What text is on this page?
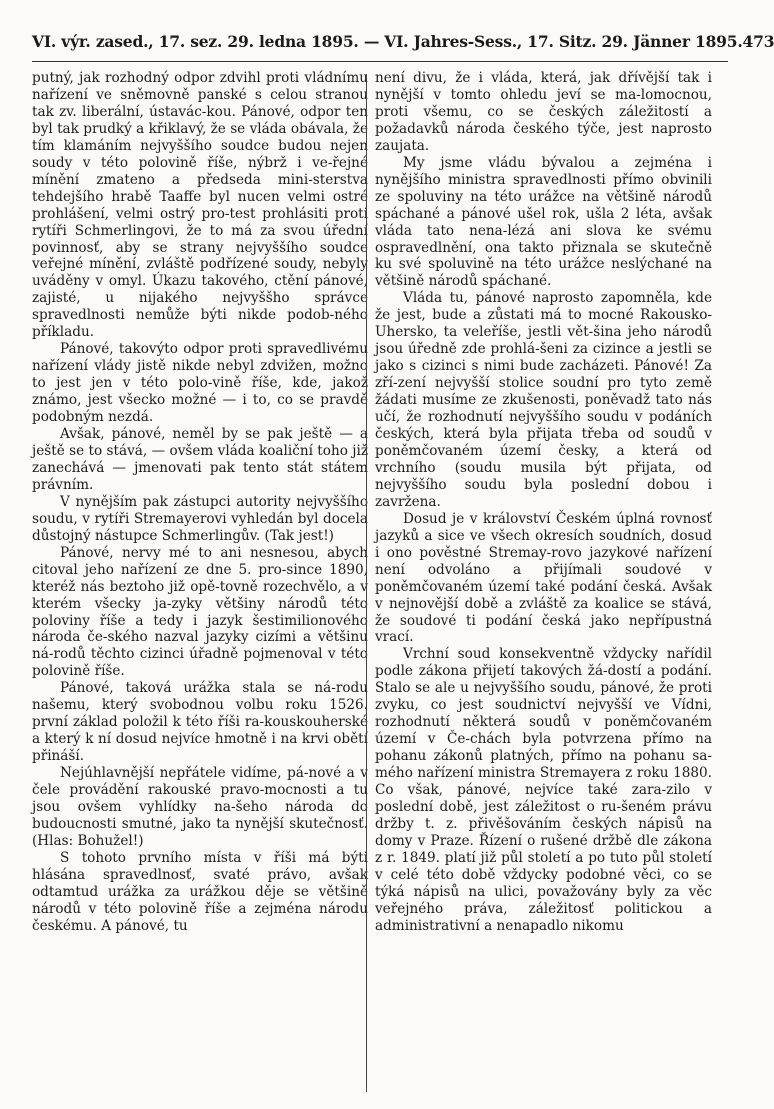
VI. výr. zased., 17. sez. 29. ledna 1895. — VI. Jahres-Sess., 17. Sitz. 29. Jänner 1895. 473

putný, jak rozhodný odpor zdvihl proti vládnímu nařízení ve sněmovně panské s celou stranou tak zv. liberální, ústavác-kou. Pánové, odpor ten byl tak prudký a křiklavý, že se vláda obávala, že tím klamáním nejvyššího soudce budou nejen soudy v této polovině říše, nýbrž i ve-řejné mínění zmateno a předseda mini-sterstva tehdejšího hrabě Taaffe byl nucen velmi ostré prohlášení, velmi ostrý pro-test prohlásiti proti rytíři Schmerlingovi, že to má za svou úřední povinnosť, aby se strany nejvyššího soudce veřejné mínění, zvláště podřízené soudy, nebyly uváděny v omyl. Úkazu takového, ctění pánové, zajisté, u nijakého nejvyššho správce spravedlnosti nemůže býti nikde podob-ného příkladu.

Pánové, takovýto odpor proti spravedlivému nařízení vlády jistě nikde nebyl zdvižen, možno to jest jen v této polo-vině říše, kde, jakož známo, jest všecko možné — i to, co se pravdě podobným nezdá.

Avšak, pánové, neměl by se pak ještě — a ještě se to stává, — ovšem vláda koaliční toho již zanechává — jmenovati pak tento stát státem právním.

V nynějším pak zástupci autority nejvyššího soudu, v rytíři Stremayerovi vyhledán byl docela důstojný nástupce Schmerlingův. (Tak jest!)

Pánové, nervy mé to ani nesnesou, abych citoval jeho nařízení ze dne 5. pro-since 1890, kteréž nás beztoho již opě-tovně rozechvělo, a v kterém všecky ja-zyky většiny národů této poloviny říše a tedy i jazyk šestimilionového národa če-ského nazval jazyky cizími a většinu ná-rodů těchto cizinci úřadně pojmenoval v této polovině říše.

Pánové, taková urážka stala se ná-rodu našemu, který svobodnou volbu roku 1526. první základ položil k této říši ra-kouskouherské a který k ní dosud nejvíce hmotně i na krvi obětí přináší.

Nejúhlavnější nepřátele vidíme, pá-nové a v čele provádění rakouské pravo-mocnosti a tu jsou ovšem vyhlídky na-šeho národa do budoucnosti smutné, jako ta nynější skutečnosť. (Hlas: Bohužel!)

S tohoto prvního místa v říši má býti hlásána spravedlnosť, svaté právo, avšak odtamtud urážka za urážkou děje se většině národů v této polovině říše a zejména národu českému. A pánové, tu

není divu, že i vláda, která, jak dřívější tak i nynější v tomto ohledu jeví se ma-lomocnou, proti všemu, co se českých záležitostí a požadavků národa českého týče, jest naprosto zaujata.

My jsme vládu bývalou a zejména i nynějšího ministra spravedlnosti přímo obvinili ze spoluviny na této urážce na většině národů spáchané a pánové ušel rok, ušla 2 léta, avšak vláda tato nena-lézá ani slova ke svému ospravedlnění, ona takto přiznala se skutečně ku své spoluvině na této urážce neslýchané na většině národů spáchané.

Vláda tu, pánové naprosto zapomněla, kde že jest, bude a zůstati má to mocné Rakousko-Uhersko, ta veleříše, jestli vět-šina jeho národů jsou úředně zde prohlá-šeni za cizince a jestli se jako s cizinci s nimi bude zacházeti. Pánové! Za zří-zení nejvyšší stolice soudní pro tyto země žádati musíme ze zkušenosti, poněvadž tato nás učí, že rozhodnutí nejvyššího soudu v podáních českých, která byla přijata třeba od soudů v poněmčovaném území česky, a která od vrchního (soudu musila být přijata, od nejvyššího soudu byla poslední dobou i zavržena.

Dosud je v království Českém úplná rovnosť jazyků a sice ve všech okresích soudních, dosud i ono pověstné Stremay-rovo jazykové nařízení není odvoláno a přijímali soudové v poněmčovaném území také podání česká. Avšak v nejnovější době a zvláště za koalice se stává, že soudové ti podání česká jako nepřípustná vrací.

Vrchní soud konsekventně vždycky nařídil podle zákona přijetí takových žá-dostí a podání. Stalo se ale u nejvyššího soudu, pánové, že proti zvyku, co jest soudnictví nejvyšší ve Vídni, rozhodnutí některá soudů v poněmčovaném území v Če-chách byla potvrzena přímo na pohanu zákonů platných, přímo na pohanu sa-mého nařízení ministra Stremayera z roku 1880. Co však, pánové, nejvíce také zara-zilo v poslední době, jest záležitost o ru-šeném právu držby t. z. přivěšováním českých nápisů na domy v Praze. Řízení o rušené držbě dle zákona z r. 1849. platí již půl století a po tuto půl století v celé této době vždycky podobné věci, co se týká nápisů na ulici, považovány byly za věc veřejného práva, záležitosť politickou a administrativní a nenapadlo nikomu
